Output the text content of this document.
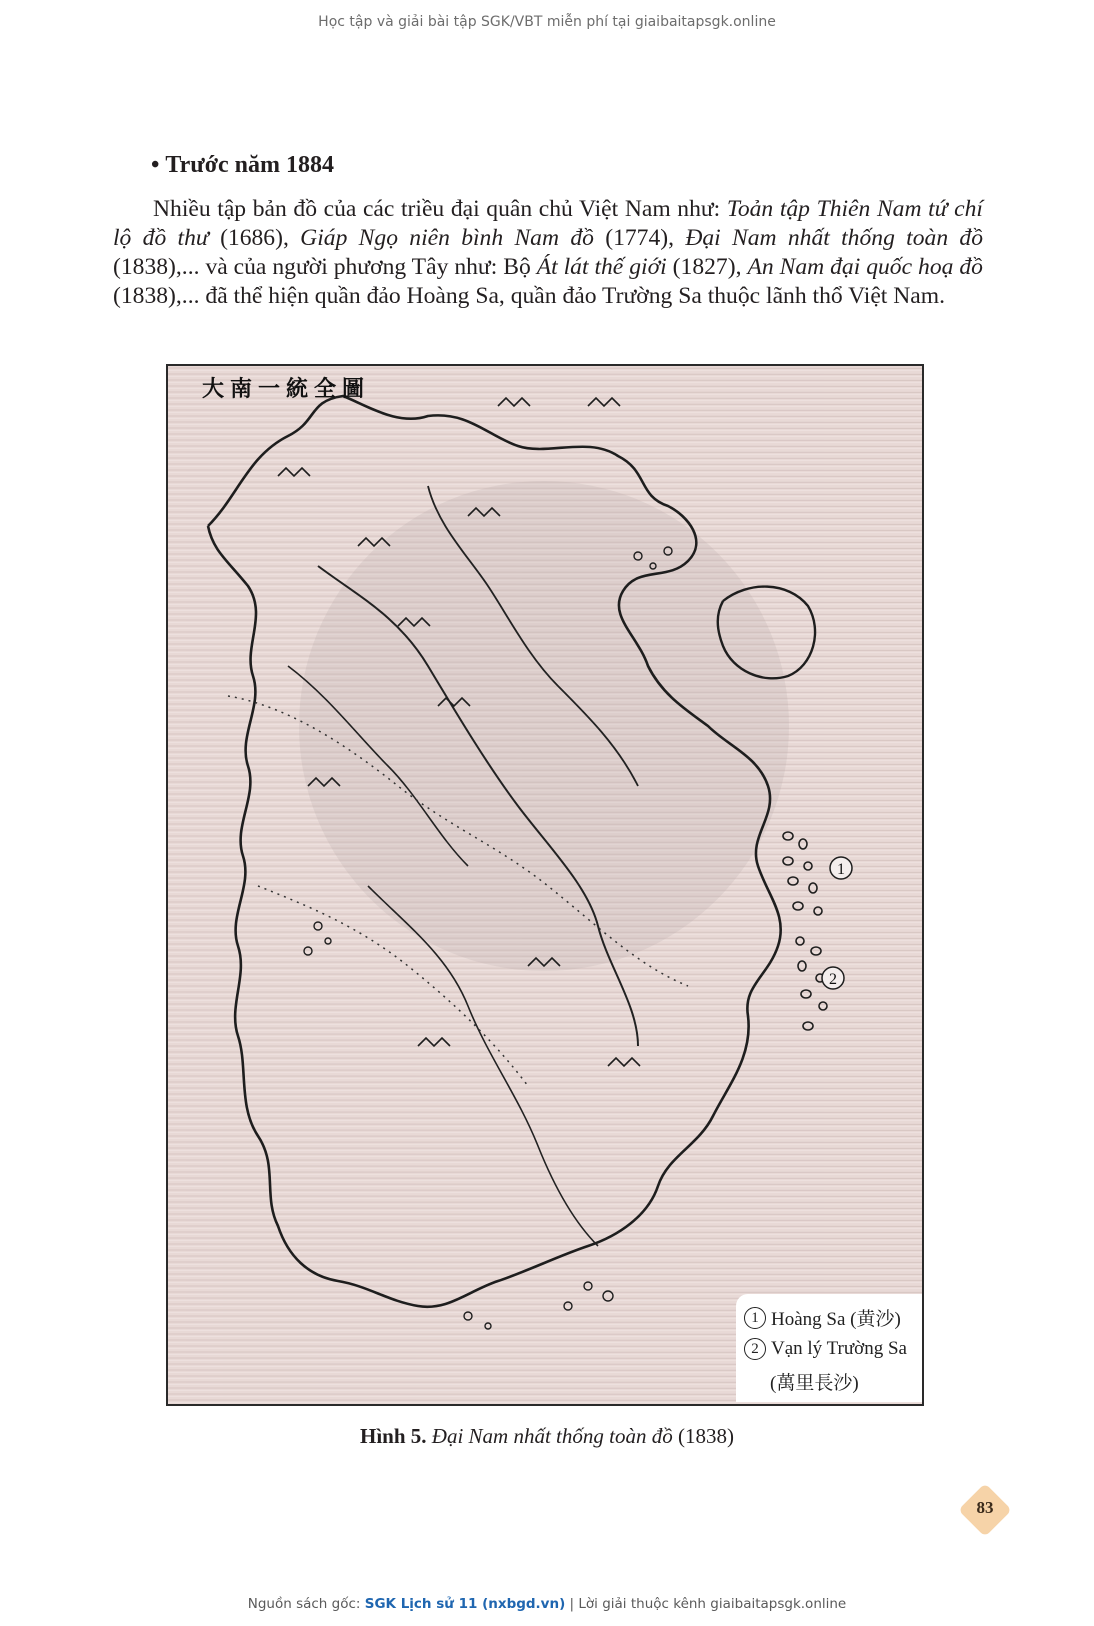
Học tập và giải bài tập SGK/VBT miễn phí tại giaibaitapsgk.online
• Trước năm 1884
Nhiều tập bản đồ của các triều đại quân chủ Việt Nam như: Toản tập Thiên Nam tứ chí lộ đồ thư (1686), Giáp Ngọ niên bình Nam đồ (1774), Đại Nam nhất thống toàn đồ (1838),... và của người phương Tây như: Bộ Át lát thế giới (1827), An Nam đại quốc hoạ đồ (1838),... đã thể hiện quần đảo Hoàng Sa, quần đảo Trường Sa thuộc lãnh thổ Việt Nam.
大 南 一 統 全 圖
1
2
1 Hoàng Sa (黄沙)
2 Vạn lý Trường Sa
(萬里長沙)
Hình 5. Đại Nam nhất thống toàn đồ (1838)
83
Nguồn sách gốc: SGK Lịch sử 11 (nxbgd.vn) | Lời giải thuộc kênh giaibaitapsgk.online
